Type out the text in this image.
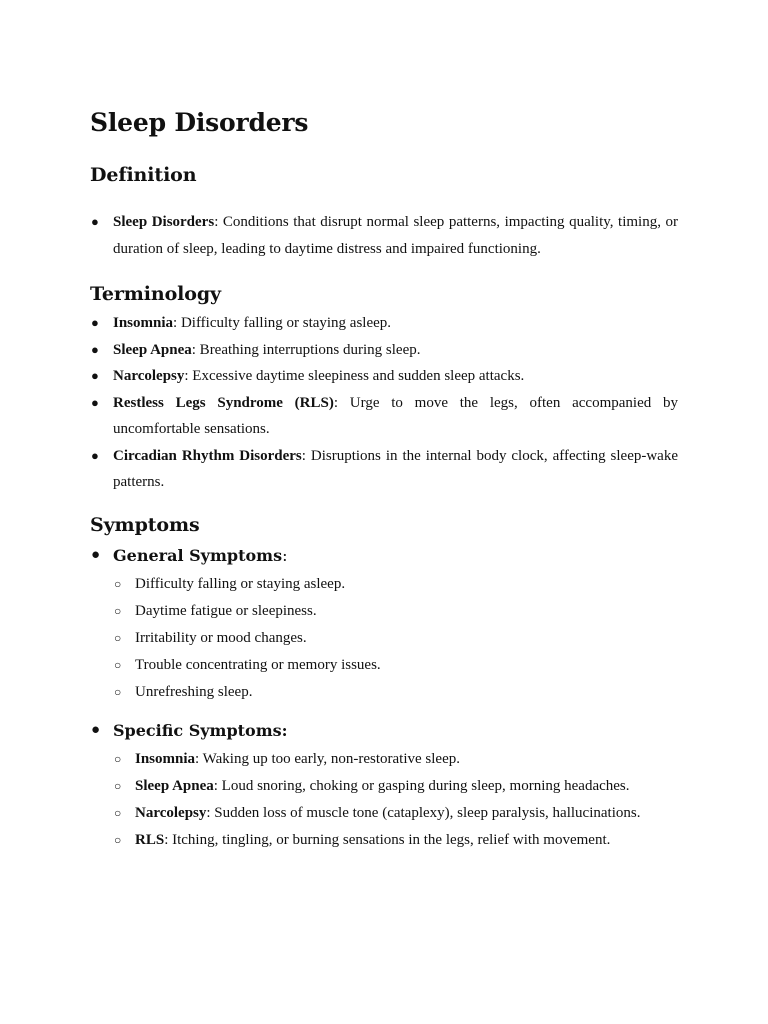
Sleep Disorders
Definition
● Sleep Disorders: Conditions that disrupt normal sleep patterns, impacting quality, timing, or duration of sleep, leading to daytime distress and impaired functioning.
Terminology
● Insomnia: Difficulty falling or staying asleep.
● Sleep Apnea: Breathing interruptions during sleep.
● Narcolepsy: Excessive daytime sleepiness and sudden sleep attacks.
● Restless Legs Syndrome (RLS): Urge to move the legs, often accompanied by uncomfortable sensations.
● Circadian Rhythm Disorders: Disruptions in the internal body clock, affecting sleep-wake patterns.
Symptoms
● General Symptoms:
○ Difficulty falling or staying asleep.
○ Daytime fatigue or sleepiness.
○ Irritability or mood changes.
○ Trouble concentrating or memory issues.
○ Unrefreshing sleep.
● Specific Symptoms:
○ Insomnia: Waking up too early, non-restorative sleep.
○ Sleep Apnea: Loud snoring, choking or gasping during sleep, morning headaches.
○ Narcolepsy: Sudden loss of muscle tone (cataplexy), sleep paralysis, hallucinations.
○ RLS: Itching, tingling, or burning sensations in the legs, relief with movement.
